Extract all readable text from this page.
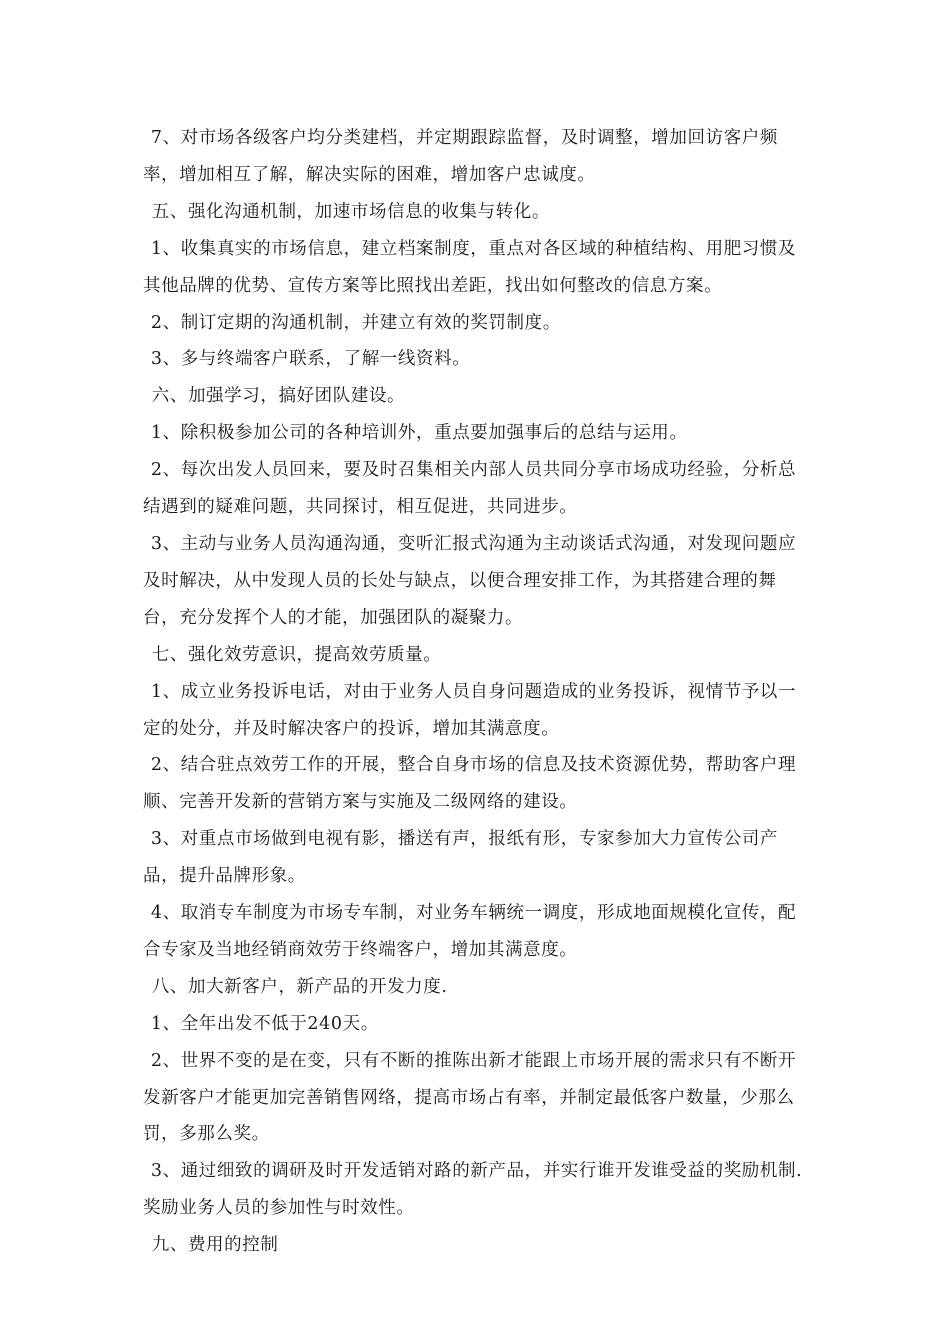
7、对市场各级客户均分类建档，并定期跟踪监督，及时调整，增加回访客户频率，增加相互了解，解决实际的困难，增加客户忠诚度。

五、强化沟通机制，加速市场信息的收集与转化。

1、收集真实的市场信息，建立档案制度，重点对各区域的种植结构、用肥习惯及其他品牌的优势、宣传方案等比照找出差距，找出如何整改的信息方案。

2、制订定期的沟通机制，并建立有效的奖罚制度。

3、多与终端客户联系，了解一线资料。

六、加强学习，搞好团队建设。

1、除积极参加公司的各种培训外，重点要加强事后的总结与运用。

2、每次出发人员回来，要及时召集相关内部人员共同分享市场成功经验，分析总结遇到的疑难问题，共同探讨，相互促进，共同进步。

3、主动与业务人员沟通沟通，变听汇报式沟通为主动谈话式沟通，对发现问题应及时解决，从中发现人员的长处与缺点，以便合理安排工作，为其搭建合理的舞台，充分发挥个人的才能，加强团队的凝聚力。

七、强化效劳意识，提高效劳质量。

1、成立业务投诉电话，对由于业务人员自身问题造成的业务投诉，视情节予以一定的处分，并及时解决客户的投诉，增加其满意度。

2、结合驻点效劳工作的开展，整合自身市场的信息及技术资源优势，帮助客户理顺、完善开发新的营销方案与实施及二级网络的建设。

3、对重点市场做到电视有影，播送有声，报纸有形，专家参加大力宣传公司产品，提升品牌形象。

4、取消专车制度为市场专车制，对业务车辆统一调度，形成地面规模化宣传，配合专家及当地经销商效劳于终端客户，增加其满意度。

八、加大新客户，新产品的开发力度.

1、全年出发不低于240天。

2、世界不变的是在变，只有不断的推陈出新才能跟上市场开展的需求只有不断开发新客户才能更加完善销售网络，提高市场占有率，并制定最低客户数量，少那么罚，多那么奖。

3、通过细致的调研及时开发适销对路的新产品，并实行谁开发谁受益的奖励机制.奖励业务人员的参加性与时效性。

九、费用的控制
